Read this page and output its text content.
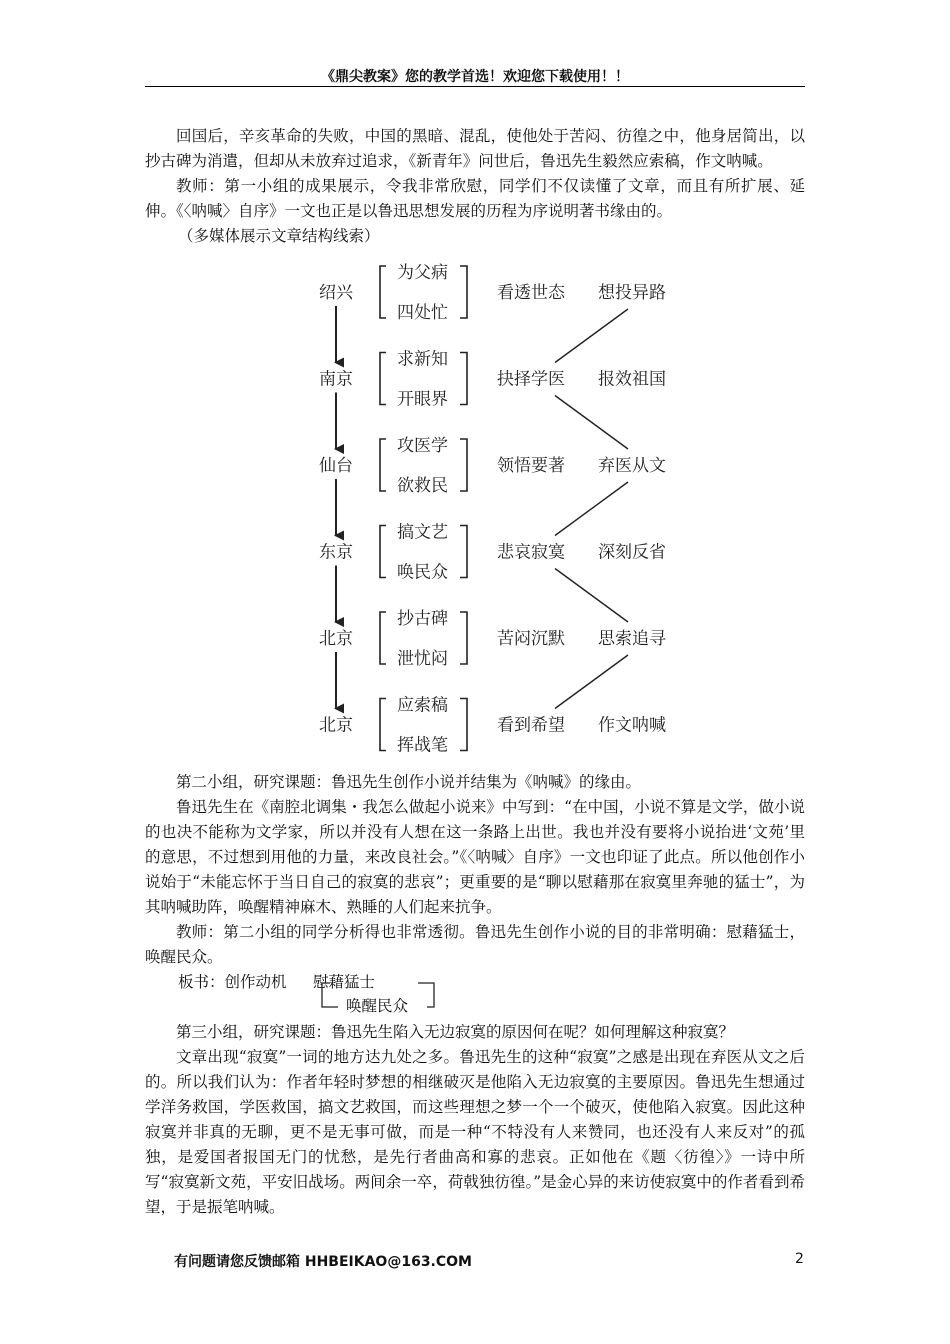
《鼎尖教案》您的教学首选！欢迎您下载使用！！

回国后，辛亥革命的失败，中国的黑暗、混乱，使他处于苦闷、彷徨之中，他身居简出，以抄古碑为消遣，但却从未放弃过追求，《新青年》问世后，鲁迅先生毅然应索稿，作文呐喊。

教师：第一小组的成果展示，令我非常欣慰，同学们不仅读懂了文章，而且有所扩展、延伸。《〈呐喊〉自序》一文也正是以鲁迅思想发展的历程为序说明著书缘由的。

（多媒体展示文章结构线索）

绍兴
为父病
四处忙
看透世态 想投异路
南京
求新知
开眼界
抉择学医 报效祖国
仙台
攻医学
欲救民
领悟要著 弃医从文
东京
搞文艺
唤民众
悲哀寂寞 深刻反省
北京
抄古碑
泄忧闷
苦闷沉默 思索追寻
北京
应索稿
挥战笔
看到希望 作文呐喊

第二小组，研究课题：鲁迅先生创作小说并结集为《呐喊》的缘由。

鲁迅先生在《南腔北调集・我怎么做起小说来》中写到：“在中国，小说不算是文学，做小说的也决不能称为文学家，所以并没有人想在这一条路上出世。我也并没有要将小说抬进‘文苑’里的意思，不过想到用他的力量，来改良社会。”《〈呐喊〉自序》一文也印证了此点。所以他创作小说始于“未能忘怀于当日自己的寂寞的悲哀”；更重要的是“聊以慰藉那在寂寞里奔驰的猛士”，为其呐喊助阵，唤醒精神麻木、熟睡的人们起来抗争。

教师：第二小组的同学分析得也非常透彻。鲁迅先生创作小说的目的非常明确：慰藉猛士，唤醒民众。

板书：创作动机 慰藉猛士
唤醒民众

第三小组，研究课题：鲁迅先生陷入无边寂寞的原因何在呢？如何理解这种寂寞？

文章出现“寂寞”一词的地方达九处之多。鲁迅先生的这种“寂寞”之感是出现在弃医从文之后的。所以我们认为：作者年轻时梦想的相继破灭是他陷入无边寂寞的主要原因。鲁迅先生想通过学洋务救国，学医救国，搞文艺救国，而这些理想之梦一个一个破灭，使他陷入寂寞。因此这种寂寞并非真的无聊，更不是无事可做，而是一种“不特没有人来赞同，也还没有人来反对”的孤独，是爱国者报国无门的忧愁，是先行者曲高和寡的悲哀。正如他在《题〈彷徨〉》一诗中所写“寂寞新文苑，平安旧战场。两间余一卒，荷戟独彷徨。”是金心异的来访使寂寞中的作者看到希望，于是振笔呐喊。

有问题请您反馈邮箱 HHBEIKAO@163.COM	2
